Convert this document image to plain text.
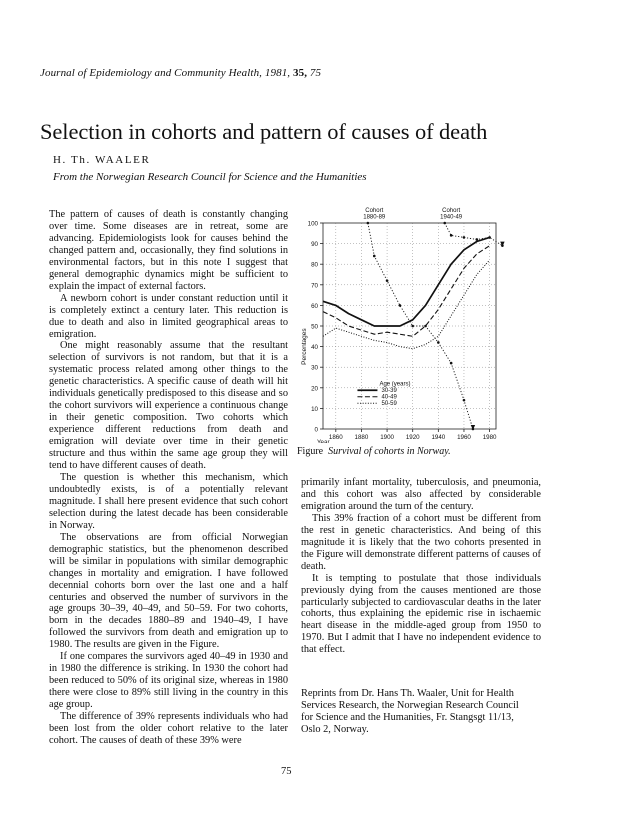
Journal of Epidemiology and Community Health, 1981, 35, 75
Selection in cohorts and pattern of causes of death
H. Th. WAALER
From the Norwegian Research Council for Science and the Humanities

The pattern of causes of death is constantly changing over time. Some diseases are in retreat, some are advancing. Epidemiologists look for causes behind the changed pattern and, occasionally, they find solutions in environmental factors, but in this note I suggest that general demographic dynamics might be sufficient to explain the impact of external factors.

A newborn cohort is under constant reduction until it is completely extinct a century later. This reduction is due to death and also in limited geographical areas to emigration.

One might reasonably assume that the resultant selection of survivors is not random, but that it is a systematic process related among other things to the genetic characteristics. A specific cause of death will hit individuals genetically predisposed to this disease and so the cohort survivors will experience a continuous change in their genetic composition. Two cohorts which experience different reductions from death and emigration will deviate over time in their genetic structure and thus within the same age group they will tend to have different causes of death.

The question is whether this mechanism, which undoubtedly exists, is of a potentially relevant magnitude. I shall here present evidence that such cohort selection during the latest decade has been considerable in Norway.

The observations are from official Norwegian demographic statistics, but the phenomenon described will be similar in populations with similar demographic changes in mortality and emigration. I have followed decennial cohorts born over the last one and a half centuries and observed the number of survivors in the age groups 30–39, 40–49, and 50–59. For two cohorts, born in the decades 1880–89 and 1940–49, I have followed the survivors from death and emigration up to 1980. The results are given in the Figure.

If one compares the survivors aged 40–49 in 1930 and in 1980 the difference is striking. In 1930 the cohort had been reduced to 50% of its original size, whereas in 1980 there were close to 89% still living in the country in this age group.

The difference of 39% represents individuals who had been lost from the older cohort relative to the later cohort. The causes of death of these 39% were

0
10
20
30
40
50
60
70
80
90
100
1860 1880 1900 1920 1940 1960 1980
Year
Percentages
Cohort
1880-89
Cohort
1940-49
Age (years)
30-39
40-49
50-59
Figure Survival of cohorts in Norway.

primarily infant mortality, tuberculosis, and pneumonia, and this cohort was also affected by considerable emigration around the turn of the century.

This 39% fraction of a cohort must be different from the rest in genetic characteristics. And being of this magnitude it is likely that the two cohorts presented in the Figure will demonstrate different patterns of causes of death.

It is tempting to postulate that those individuals previously dying from the causes mentioned are those particularly subjected to cardiovascular deaths in the later cohorts, thus explaining the epidemic rise in ischaemic heart disease in the middle-aged group from 1950 to 1970. But I admit that I have no independent evidence to that effect.

Reprints from Dr. Hans Th. Waaler, Unit for Health
Services Research, the Norwegian Research Council
for Science and the Humanities, Fr. Stangsgt 11/13,
Oslo 2, Norway.
75
